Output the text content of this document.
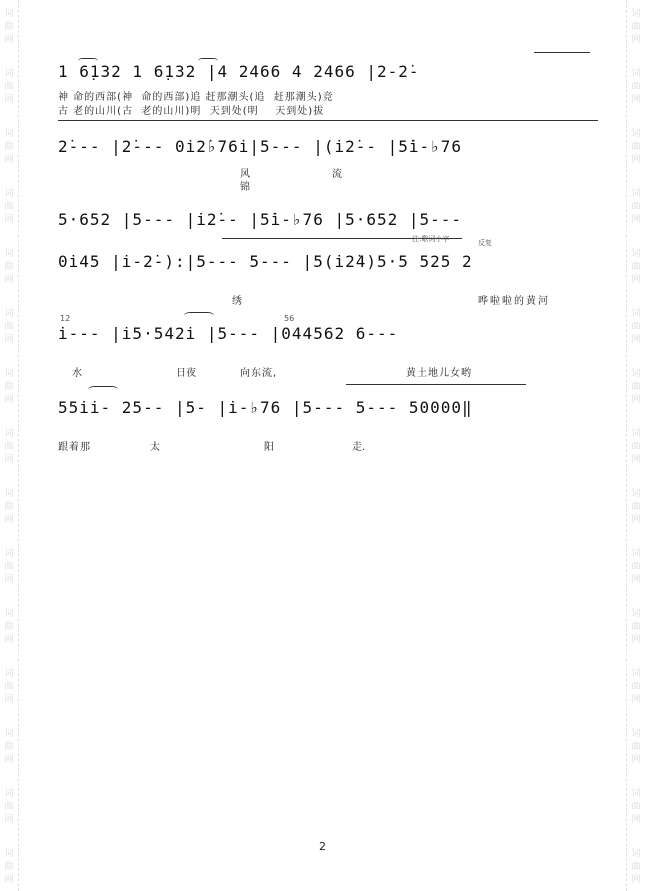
词
曲
网
词
曲
网
词
曲
网
词
曲
网
词
曲
网
词
曲
网
词
曲
网
词
曲
网
词
曲
网
词
曲
网
词
曲
网
词
曲
网
词
曲
网
词
曲
网
词
曲
网
词
曲
网
词
曲
网
词
曲
网
词
曲
网
词
曲
网
词
曲
网
词
曲
网
词
曲
网
词
曲
网
词
曲
网
词
曲
网
词
曲
网
词
曲
网
词
曲
网
词
曲
网
1 6̣132 1 6̣132 |4 2466 4 2466 |2-2̇-
神 命的西部(神  命的西部)追 赶那潮头(追  赶那潮头)竞
古 老的山川(古  老的山川)明  天到处(明    天到处)拔
2̇--- |2̇--- 0i̇2̇♭76i̇|5--- |(i̇2̇-- |5̇i̇-♭76
风
锦
流
5·652 |5--- |i̇2̇-- |5̇i̇-♭76 |5·652 |5---
注:歌词小字	反复
0i̇45 |i̇-2̇-):|5--- 5--- |5(i̇2̇4)5·5 525 2
绣	哗啦啦的黄河
12	56
i̇--- |i̇5·542i̇ |5--- |044562 6---
水	日夜	向东流,	黄土地儿女哟
55i̇i̇- 25-- |5- |i̇-♭76 |5--- 5--- 50000‖
跟着那	太	阳	走.
2
